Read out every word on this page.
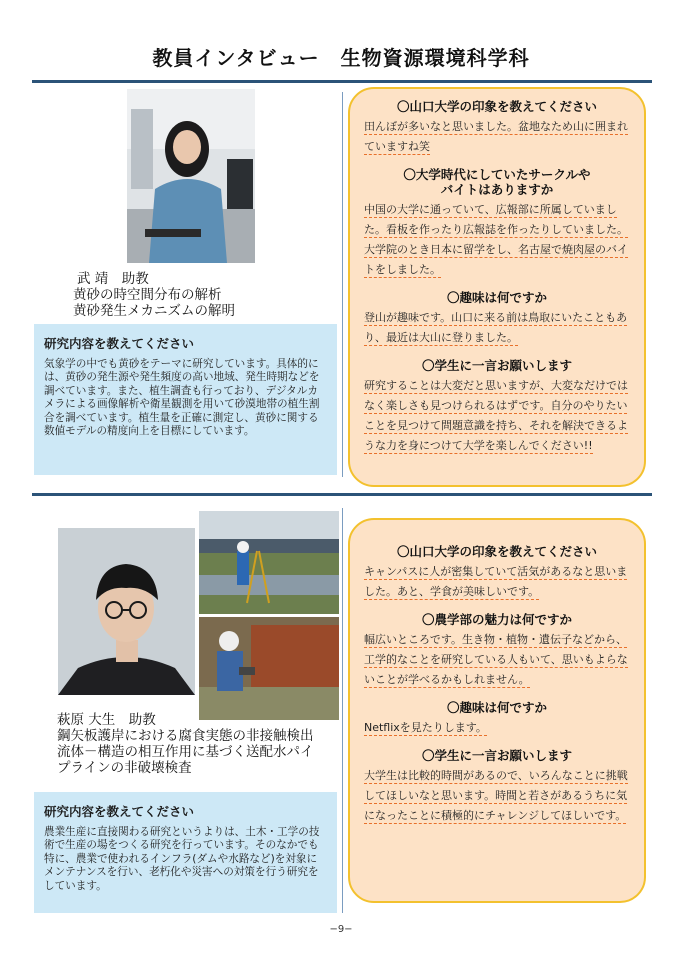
教員インタビュー　生物資源環境科学科
武 靖　助教
黄砂の時空間分布の解析
黄砂発生メカニズムの解明
研究内容を教えてください

気象学の中でも黄砂をテーマに研究しています。具体的には、黄砂の発生源や発生頻度の高い地域、発生時期などを調べています。また、植生調査も行っており、デジタルカメラによる画像解析や衛星観測を用いて砂漠地帯の植生割合を調べています。植生量を正確に測定し、黄砂に関する数値モデルの精度向上を目標にしています。

〇山口大学の印象を教えてください
田んぼが多いなと思いました。盆地なため山に囲まれていますね笑
〇大学時代にしていたサークルや
バイトはありますか
中国の大学に通っていて、広報部に所属していました。看板を作ったり広報誌を作ったりしていました。大学院のとき日本に留学をし、名古屋で焼肉屋のバイトをしました。
〇趣味は何ですか
登山が趣味です。山口に来る前は鳥取にいたこともあり、最近は大山に登りました。
〇学生に一言お願いします
研究することは大変だと思いますが、大変なだけではなく楽しさも見つけられるはずです。自分のやりたいことを見つけて問題意識を持ち、それを解決できるような力を身につけて大学を楽しんでください!!
萩原 大生　助教
鋼矢板護岸における腐食実態の非接触検出
流体－構造の相互作用に基づく送配水パイ
プラインの非破壊検査
研究内容を教えてください

農業生産に直接関わる研究というよりは、土木・工学の技術で生産の場をつくる研究を行っています。そのなかでも特に、農業で使われるインフラ(ダムや水路など)を対象にメンテナンスを行い、老朽化や災害への対策を行う研究をしています。

〇山口大学の印象を教えてください
キャンパスに人が密集していて活気があるなと思いました。あと、学食が美味しいです。
〇農学部の魅力は何ですか
幅広いところです。生き物・植物・遺伝子などから、工学的なことを研究している人もいて、思いもよらないことが学べるかもしれません。
〇趣味は何ですか
Netflixを見たりします。
〇学生に一言お願いします
大学生は比較的時間があるので、いろんなことに挑戦してほしいなと思います。時間と若さがあるうちに気になったことに積極的にチャレンジしてほしいです。
−9−
